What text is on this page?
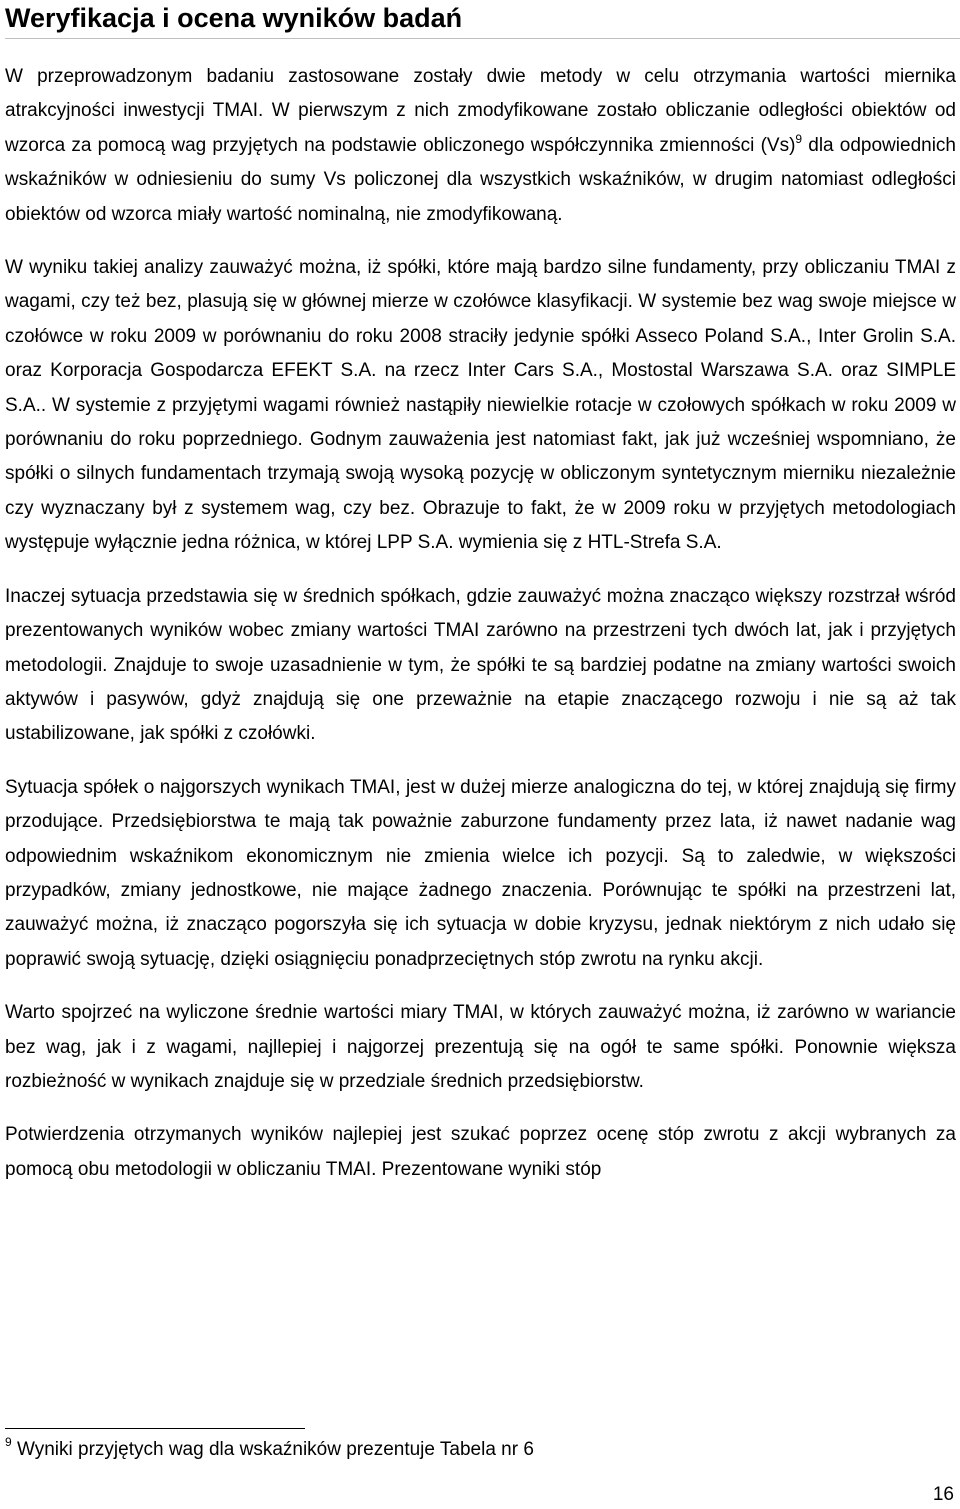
Weryfikacja i ocena wyników badań

W przeprowadzonym badaniu zastosowane zostały dwie metody w celu otrzymania wartości miernika atrakcyjności inwestycji TMAI. W pierwszym z nich zmodyfikowane zostało obliczanie odległości obiektów od wzorca za pomocą wag przyjętych na podstawie obliczonego współczynnika zmienności $(Vs)^9$ dla odpowiednich wskaźników w odniesieniu do sumy Vs policzonej dla wszystkich wskaźników, w drugim natomiast odległości obiektów od wzorca miały wartość nominalną, nie zmodyfikowaną.

W wyniku takiej analizy zauważyć można, iż spółki, które mają bardzo silne fundamenty, przy obliczaniu TMAI z wagami, czy też bez, plasują się w głównej mierze w czołówce klasyfikacji. W systemie bez wag swoje miejsce w czołówce w roku 2009 w porównaniu do roku 2008 straciły jedynie spółki Asseco Poland S.A., Inter Grolin S.A. oraz Korporacja Gospodarcza EFEKT S.A. na rzecz Inter Cars S.A., Mostostal Warszawa S.A. oraz SIMPLE S.A.. W systemie z przyjętymi wagami również nastąpiły niewielkie rotacje w czołowych spółkach w roku 2009 w porównaniu do roku poprzedniego. Godnym zauważenia jest natomiast fakt, jak już wcześniej wspomniano, że spółki o silnych fundamentach trzymają swoją wysoką pozycję w obliczonym syntetycznym mierniku niezależnie czy wyznaczany był z systemem wag, czy bez. Obrazuje to fakt, że w 2009 roku w przyjętych metodologiach występuje wyłącznie jedna różnica, w której LPP S.A. wymienia się z HTL-Strefa S.A.

Inaczej sytuacja przedstawia się w średnich spółkach, gdzie zauważyć można znacząco większy rozstrzał wśród prezentowanych wyników wobec zmiany wartości TMAI zarówno na przestrzeni tych dwóch lat, jak i przyjętych metodologii. Znajduje to swoje uzasadnienie w tym, że spółki te są bardziej podatne na zmiany wartości swoich aktywów i pasywów, gdyż znajdują się one przeważnie na etapie znaczącego rozwoju i nie są aż tak ustabilizowane, jak spółki z czołówki.

Sytuacja spółek o najgorszych wynikach TMAI, jest w dużej mierze analogiczna do tej, w której znajdują się firmy przodujące. Przedsiębiorstwa te mają tak poważnie zaburzone fundamenty przez lata, iż nawet nadanie wag odpowiednim wskaźnikom ekonomicznym nie zmienia wielce ich pozycji. Są to zaledwie, w większości przypadków, zmiany jednostkowe, nie mające żadnego znaczenia. Porównując te spółki na przestrzeni lat, zauważyć można, iż znacząco pogorszyła się ich sytuacja w dobie kryzysu, jednak niektórym z nich udało się poprawić swoją sytuację, dzięki osiągnięciu ponadprzeciętnych stóp zwrotu na rynku akcji.

Warto spojrzeć na wyliczone średnie wartości miary TMAI, w których zauważyć można, iż zarówno w wariancie bez wag, jak i z wagami, najllepiej i najgorzej prezentują się na ogół te same spółki. Ponownie większa rozbieżność w wynikach znajduje się w przedziale średnich przedsiębiorstw.

Potwierdzenia otrzymanych wyników najlepiej jest szukać poprzez ocenę stóp zwrotu z akcji wybranych za pomocą obu metodologii w obliczaniu TMAI. Prezentowane wyniki stóp

$^9$ Wyniki przyjętych wag dla wskaźników prezentuje Tabela nr 6
16
